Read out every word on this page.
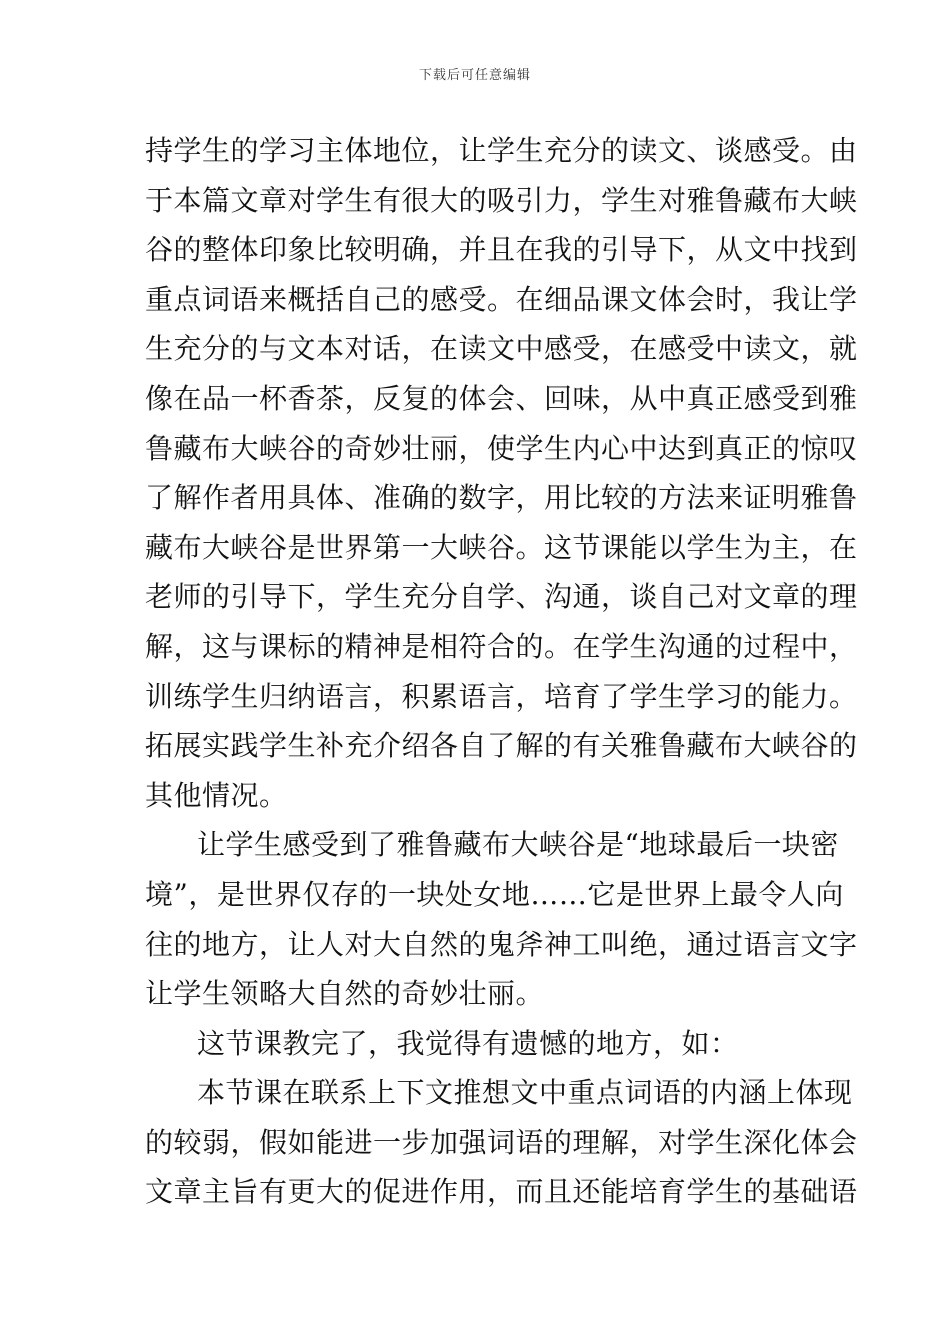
下载后可任意编辑
持学生的学习主体地位，让学生充分的读文、谈感受。由
于本篇文章对学生有很大的吸引力，学生对雅鲁藏布大峡
谷的整体印象比较明确，并且在我的引导下，从文中找到
重点词语来概括自己的感受。在细品课文体会时，我让学
生充分的与文本对话，在读文中感受，在感受中读文，就
像在品一杯香茶，反复的体会、回味，从中真正感受到雅
鲁藏布大峡谷的奇妙壮丽，使学生内心中达到真正的惊叹
了解作者用具体、准确的数字，用比较的方法来证明雅鲁
藏布大峡谷是世界第一大峡谷。这节课能以学生为主，在
老师的引导下，学生充分自学、沟通，谈自己对文章的理
解，这与课标的精神是相符合的。在学生沟通的过程中，
训练学生归纳语言，积累语言，培育了学生学习的能力。
拓展实践学生补充介绍各自了解的有关雅鲁藏布大峡谷的
其他情况。
让学生感受到了雅鲁藏布大峡谷是“地球最后一块密
境”，是世界仅存的一块处女地……它是世界上最令人向
往的地方，让人对大自然的鬼斧神工叫绝，通过语言文字
让学生领略大自然的奇妙壮丽。
这节课教完了，我觉得有遗憾的地方，如：
本节课在联系上下文推想文中重点词语的内涵上体现
的较弱，假如能进一步加强词语的理解，对学生深化体会
文章主旨有更大的促进作用，而且还能培育学生的基础语
